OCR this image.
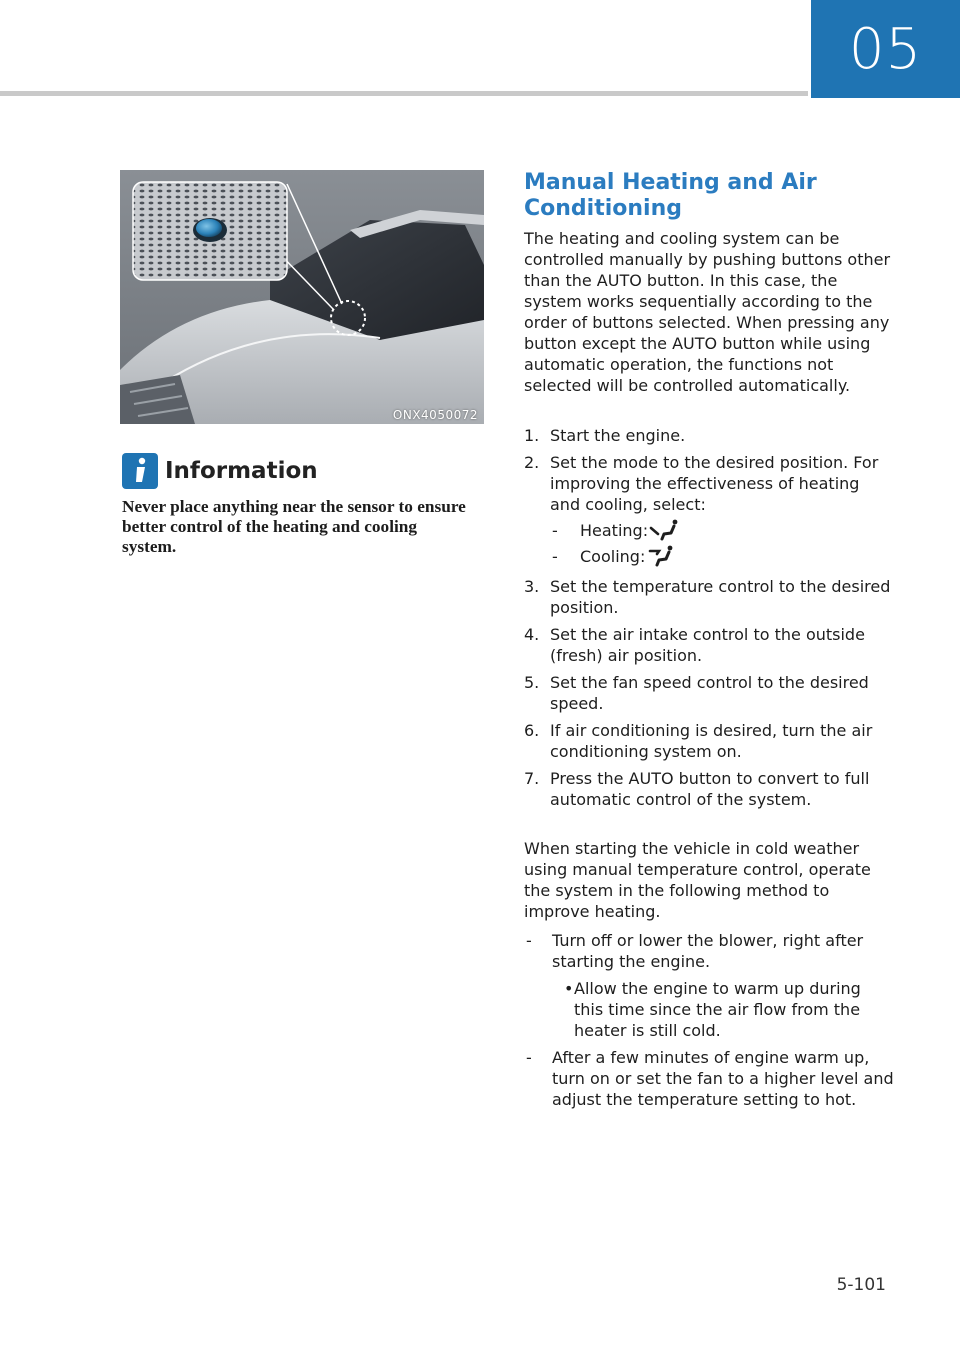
05
ONX4050072
Information
Never place anything near the sensor to ensure better control of the heating and cooling system.
Manual Heating and Air Conditioning
The heating and cooling system can be controlled manually by pushing buttons other than the AUTO button. In this case, the system works sequentially according to the order of buttons selected. When pressing any button except the AUTO button while using automatic operation, the functions not selected will be controlled automatically.
1. Start the engine.
2. Set the mode to the desired position. For improving the effectiveness of heating and cooling, select:
-	Heating:
-	Cooling:
3. Set the temperature control to the desired position.
4. Set the air intake control to the outside (fresh) air position.
5. Set the fan speed control to the desired speed.
6. If air conditioning is desired, turn the air conditioning system on.
7. Press the AUTO button to convert to full automatic control of the system.
When starting the vehicle in cold weather using manual temperature control, operate the system in the following method to improve heating.
-	Turn off or lower the blower, right after starting the engine.
• Allow the engine to warm up during this time since the air flow from the heater is still cold.
-	After a few minutes of engine warm up, turn on or set the fan to a higher level and adjust the temperature setting to hot.
5-101
